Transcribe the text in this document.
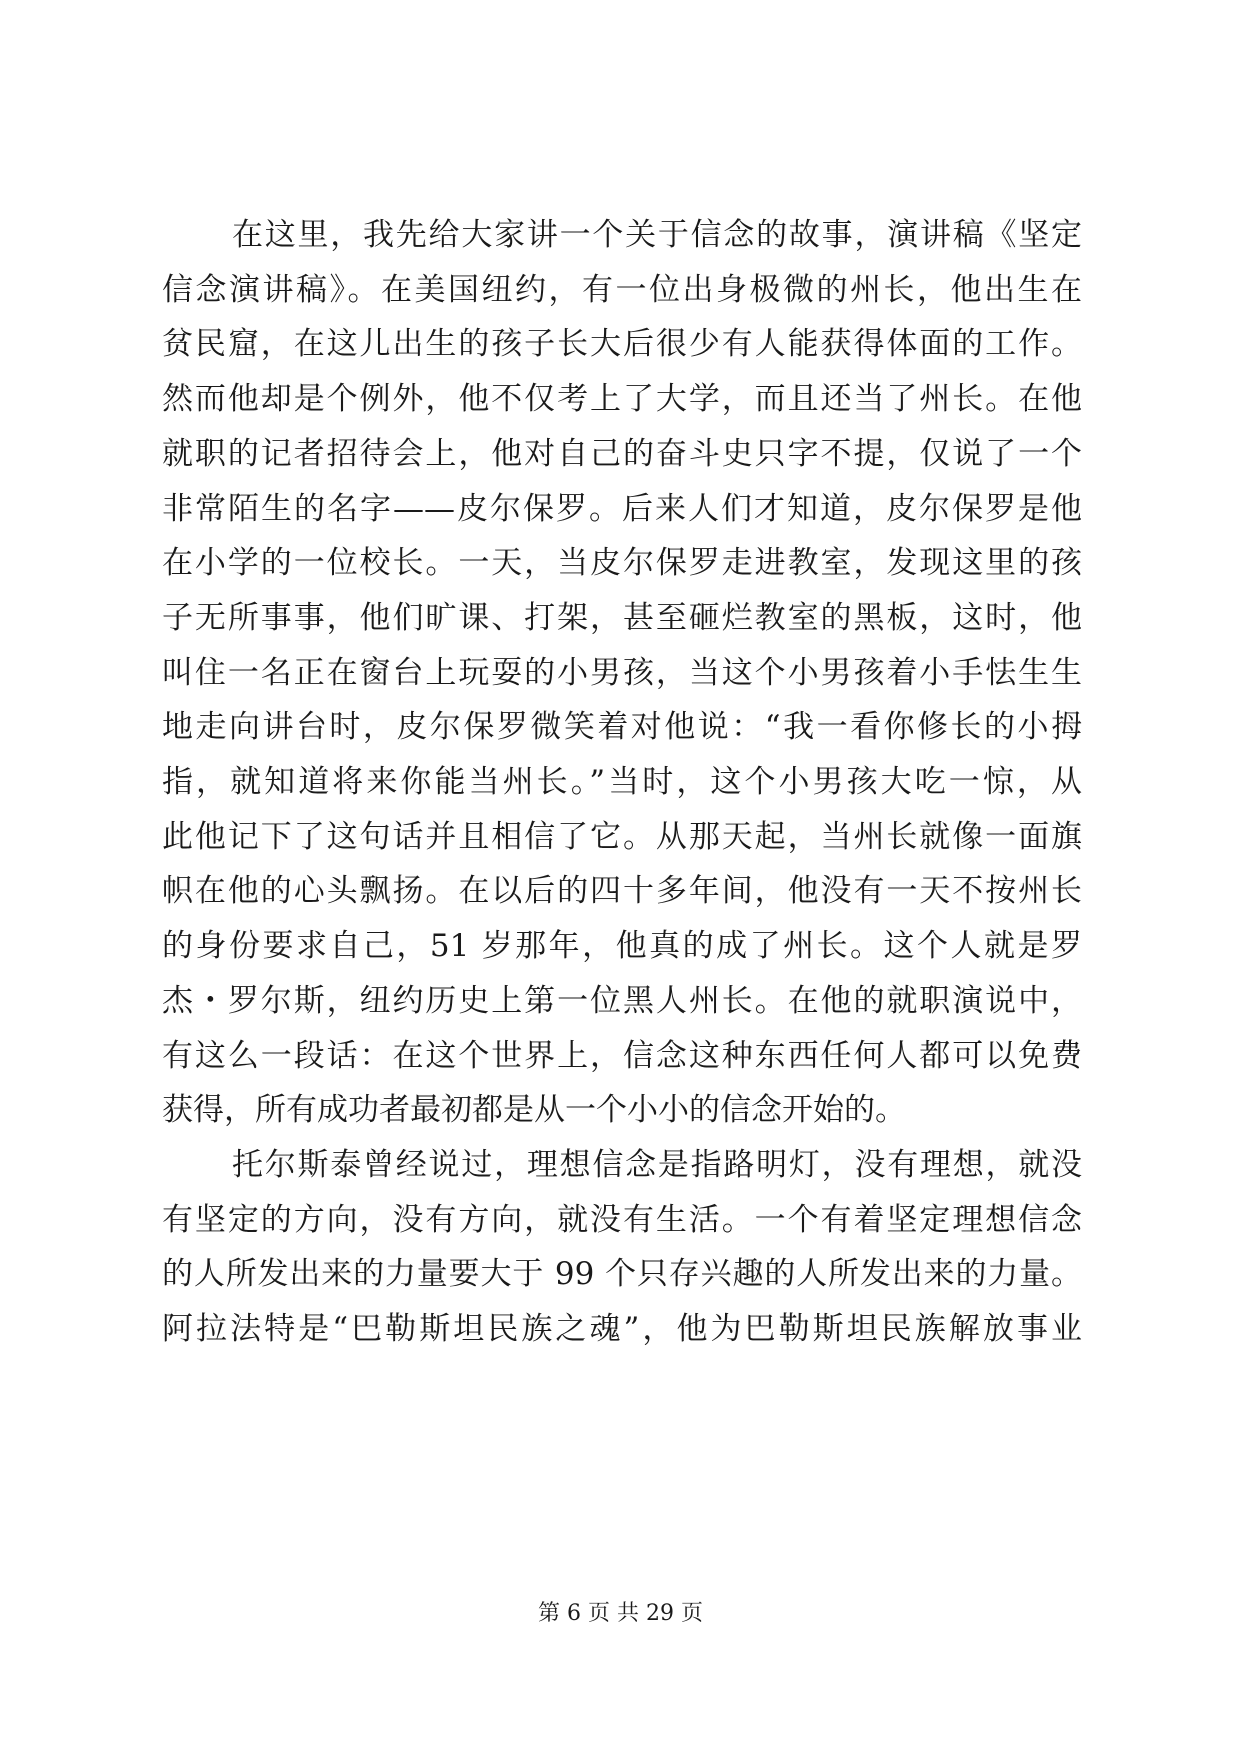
在这里，我先给大家讲一个关于信念的故事，演讲稿《坚定
信念演讲稿》。在美国纽约，有一位出身极微的州长，他出生在
贫民窟，在这儿出生的孩子长大后很少有人能获得体面的工作。
然而他却是个例外，他不仅考上了大学，而且还当了州长。在他
就职的记者招待会上，他对自己的奋斗史只字不提，仅说了一个
非常陌生的名字——皮尔保罗。后来人们才知道，皮尔保罗是他
在小学的一位校长。一天，当皮尔保罗走进教室，发现这里的孩
子无所事事，他们旷课、打架，甚至砸烂教室的黑板，这时，他
叫住一名正在窗台上玩耍的小男孩，当这个小男孩着小手怯生生
地走向讲台时，皮尔保罗微笑着对他说：“我一看你修长的小拇
指，就知道将来你能当州长。”当时，这个小男孩大吃一惊，从
此他记下了这句话并且相信了它。从那天起，当州长就像一面旗
帜在他的心头飘扬。在以后的四十多年间，他没有一天不按州长
的身份要求自己，51 岁那年，他真的成了州长。这个人就是罗
杰・罗尔斯，纽约历史上第一位黑人州长。在他的就职演说中，
有这么一段话：在这个世界上，信念这种东西任何人都可以免费
获得，所有成功者最初都是从一个小小的信念开始的。
托尔斯泰曾经说过，理想信念是指路明灯，没有理想，就没
有坚定的方向，没有方向，就没有生活。一个有着坚定理想信念
的人所发出来的力量要大于 99 个只存兴趣的人所发出来的力量。
阿拉法特是“巴勒斯坦民族之魂”，他为巴勒斯坦民族解放事业
第 6 页 共 29 页
